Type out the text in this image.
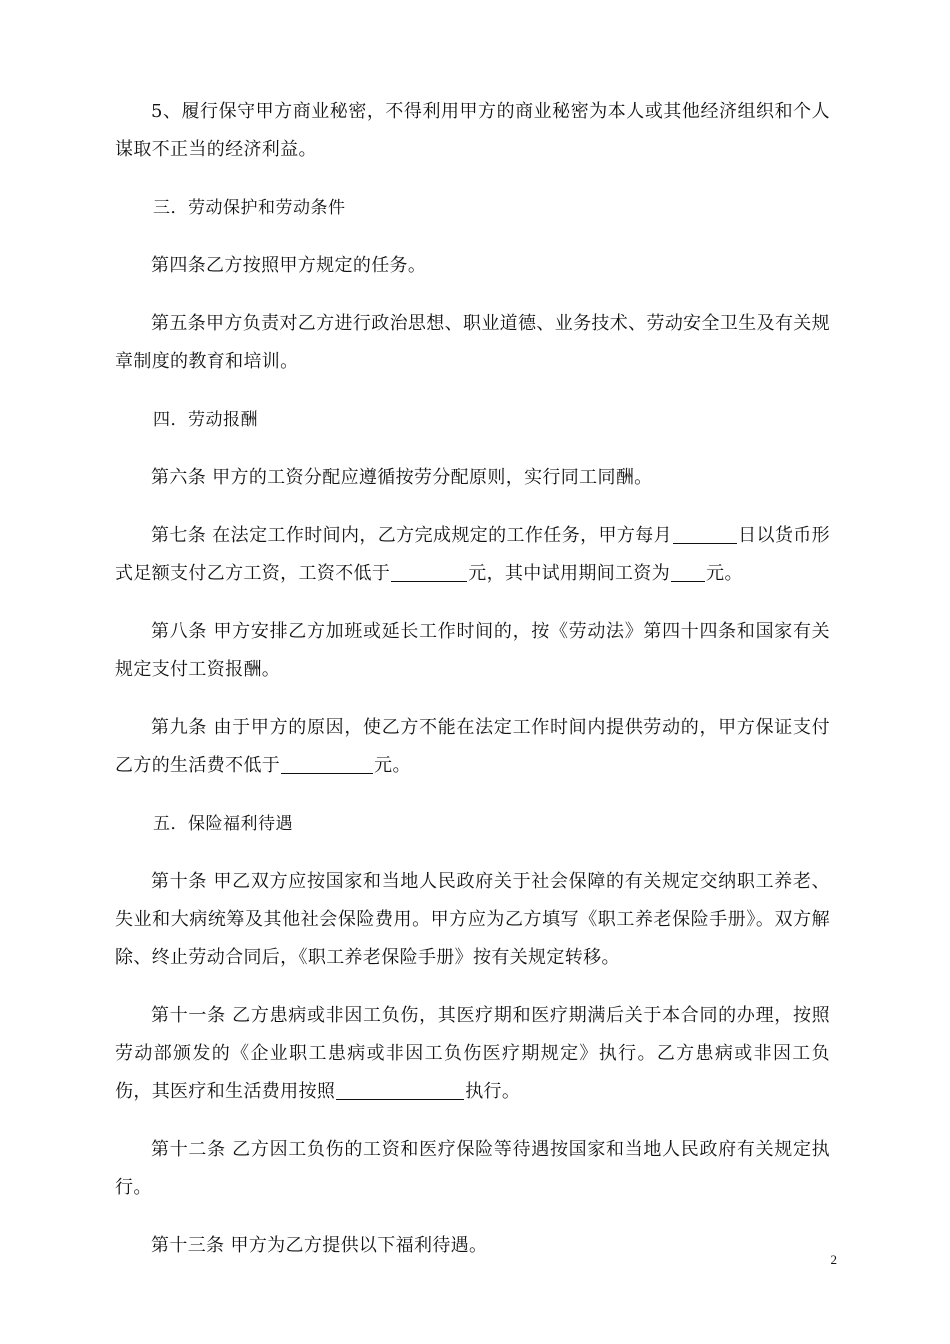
5、履行保守甲方商业秘密，不得利用甲方的商业秘密为本人或其他经济组织和个人谋取不正当的经济利益。

三．劳动保护和劳动条件

第四条乙方按照甲方规定的任务。

第五条甲方负责对乙方进行政治思想、职业道德、业务技术、劳动安全卫生及有关规章制度的教育和培训。

四．劳动报酬

第六条 甲方的工资分配应遵循按劳分配原则，实行同工同酬。

第七条 在法定工作时间内，乙方完成规定的工作任务，甲方每月	日以货币形式足额支付乙方工资，工资不低于	元，其中试用期间工资为 元。

第八条 甲方安排乙方加班或延长工作时间的，按《劳动法》第四十四条和国家有关规定支付工资报酬。

第九条 由于甲方的原因，使乙方不能在法定工作时间内提供劳动的，甲方保证支付乙方的生活费不低于	元。

五．保险福利待遇

第十条 甲乙双方应按国家和当地人民政府关于社会保障的有关规定交纳职工养老、失业和大病统筹及其他社会保险费用。甲方应为乙方填写《职工养老保险手册》。双方解除、终止劳动合同后，《职工养老保险手册》按有关规定转移。

第十一条 乙方患病或非因工负伤，其医疗期和医疗期满后关于本合同的办理，按照劳动部颁发的《企业职工患病或非因工负伤医疗期规定》执行。乙方患病或非因工负伤，其医疗和生活费用按照	执行。

第十二条 乙方因工负伤的工资和医疗保险等待遇按国家和当地人民政府有关规定执行。

第十三条 甲方为乙方提供以下福利待遇。

2
